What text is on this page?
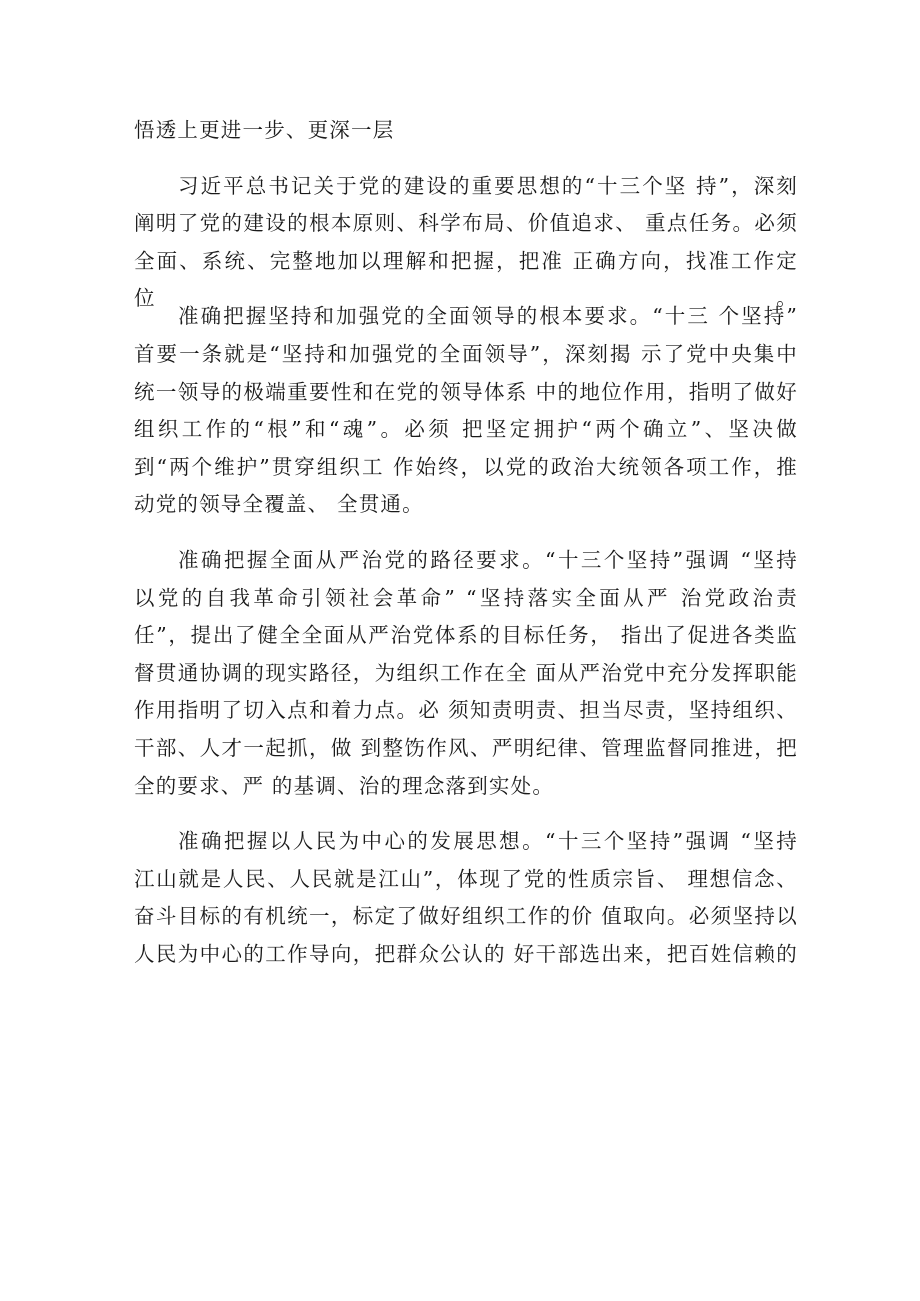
悟透上更进一步、更深一层
习近平总书记关于党的建设的重要思想的“十三个坚 持”，深刻
阐明了党的建设的根本原则、科学布局、价值追求、 重点任务。必须
全面、系统、完整地加以理解和把握，把准 正确方向，找准工作定位。
准确把握坚持和加强党的全面领导的根本要求。“十三 个坚持”
首要一条就是“坚持和加强党的全面领导”，深刻揭 示了党中央集中
统一领导的极端重要性和在党的领导体系 中的地位作用，指明了做好
组织工作的“根”和“魂”。必须 把坚定拥护“两个确立”、坚决做
到“两个维护”贯穿组织工 作始终，以党的政治大统领各项工作，推
动党的领导全覆盖、 全贯通。
准确把握全面从严治党的路径要求。“十三个坚持”强调 “坚持
以党的自我革命引领社会革命” “坚持落实全面从严 治党政治责
任”，提出了健全全面从严治党体系的目标任务， 指出了促进各类监
督贯通协调的现实路径，为组织工作在全 面从严治党中充分发挥职能
作用指明了切入点和着力点。必 须知责明责、担当尽责，坚持组织、
干部、人才一起抓，做 到整饬作风、严明纪律、管理监督同推进，把
全的要求、严 的基调、治的理念落到实处。
准确把握以人民为中心的发展思想。“十三个坚持”强调 “坚持
江山就是人民、人民就是江山”，体现了党的性质宗旨、 理想信念、
奋斗目标的有机统一，标定了做好组织工作的价 值取向。必须坚持以
人民为中心的工作导向，把群众公认的 好干部选出来，把百姓信赖的
